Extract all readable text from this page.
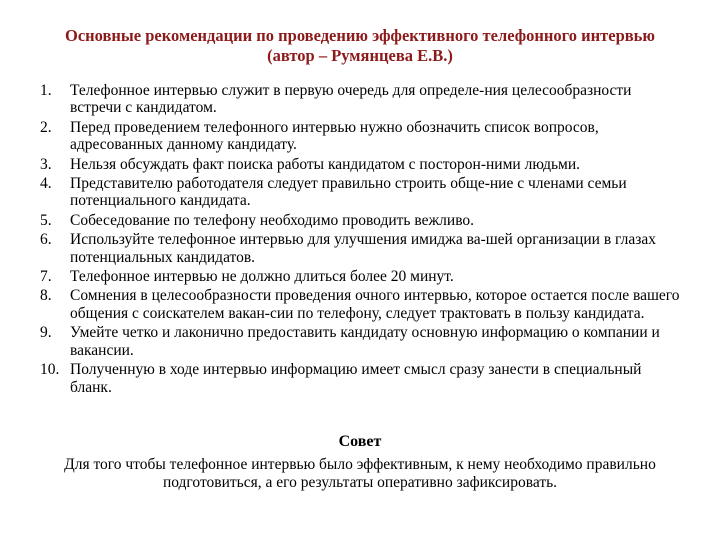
Основные рекомендации по проведению эффективного телефонного интервью (автор – Румянцева Е.В.)
1.	Телефонное интервью служит в первую очередь для определе-ния целесообразности встречи с кандидатом.
2.	Перед проведением телефонного интервью нужно обозначить список вопросов, адресованных данному кандидату.
3.	Нельзя обсуждать факт поиска работы кандидатом с посторон-ними людьми.
4.	Представителю работодателя следует правильно строить обще-ние с членами семьи потенциального кандидата.
5.	Собеседование по телефону необходимо проводить вежливо.
6.	Используйте телефонное интервью для улучшения имиджа ва-шей организации в глазах потенциальных кандидатов.
7.	Телефонное интервью не должно длиться более 20 минут.
8.	Сомнения в целесообразности проведения очного интервью, которое остается после вашего общения с соискателем вакан-сии по телефону, следует трактовать в пользу кандидата.
9.	Умейте четко и лаконично предоставить кандидату основную информацию о компании и вакансии.
10. Полученную в ходе интервью информацию имеет смысл сразу занести в специальный бланк.
Совет
Для того чтобы телефонное интервью было эффективным, к нему необходимо правильно подготовиться, а его результаты оперативно зафиксировать.
